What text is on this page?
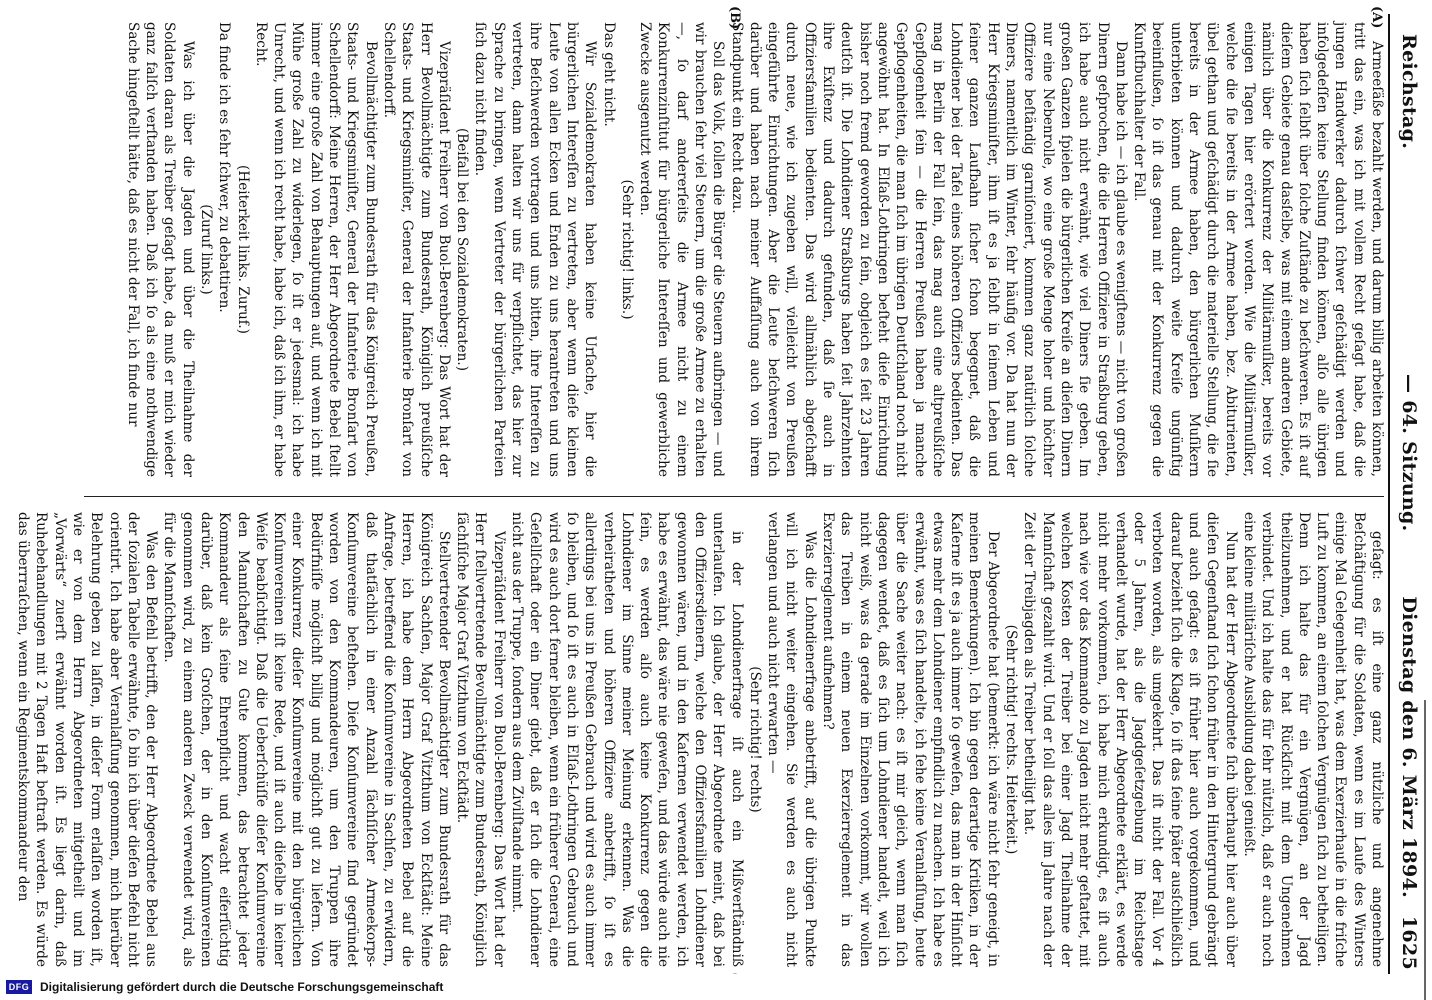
Reichstag.
— 64. Sitzung.
Dienstag den 6. März 1894.
1625
(A)
(B)

Armeeſäße bezahlt werden, und darum billig arbeiten können, tritt das ein, was ich mit vollem Recht geſagt habe, daß die jungen Handwerker dadurch ſchwer geſchädigt werden und infolgedeſſen keine Stellung finden können, alſo alle übrigen haben ſich ſelbſt über ſolche Zuſtände zu beſchweren. Es iſt auf dieſem Gebiete genau dasſelbe, was mit einem anderen Gebiete, nämlich über die Konkurrenz der Militärmuſiker, bereits vor einigen Tagen hier erörtert worden. Wie die Militärmuſiker, welche die ſie bereits in der Armee haben, bez. Abiturienten, übel gethan und geſchädigt durch die materielle Stellung, die ſie bereits in der Armee haben, den bürgerlichen Muſikern unterbieten können und dadurch weite Kreiſe ungünſtig beeinflußen, ſo iſt das genau mit der Konkurrenz gegen die Kunſtfbuchhalter der Fall.

Dann habe ich — ich glaube es wenigſtens — nicht von großen Dinern geſprochen, die die Herren Offiziere in Straßburg geben, ich habe auch nicht erwähnt, wie viel Diners ſie geben. Im großen Ganzen ſpielen die bürgerlichen Kreiſe an dieſen Dinern nur eine Nebenrolle, wo eine große Menge hoher und höchſter Offiziere beſtändig garniſoniert, kommen ganz natürlich ſolche Diners, namentlich im Winter, ſehr häufig vor. Da hat nun der Herr Kriegsminiſter, ihm iſt es ja ſelbſt in ſeinem Leben und ſeiner ganzen Laufbahn ſicher ſchon begegnet, daß die Lohndiener bei der Tafel eines höheren Offiziers bedienten. Das mag in Berlin der Fall ſein, das mag auch eine altpreußiſche Gepflogenheit ſein — die Herren Preußen haben ja manche Gepflogenheiten, die man ſich im übrigen Deutſchland noch nicht angewöhnt hat. In Elſaß-Lothringen beſteht dieſe Einrichtung bisher noch fremd geworden zu ſein, obgleich es ſeit 23 Jahren deutſch iſt. Die Lohndiener Straßburgs haben ſeit Jahrzehnten ihre Exiſtenz und dadurch gefunden, daß ſie auch in Offiziersfamilien bedienten. Das wird allmählich abgeſchafft durch neue, wie ich zugeben will, vielleicht von Preußen eingeführte Einrichtungen. Aber die Leute beſchweren ſich darüber und haben nach meiner Auffaſſung auch von ihrem Standpunkt ein Recht dazu.

Soll das Volk, ſollen die Bürger die Steuern aufbringen — und wir brauchen ſehr viel Steuern, um die große Armee zu erhalten —, ſo darf andererſeits die Armee nicht zu einem Konkurrenzinſtitut für bürgerliche Intereſſen und gewerbliche Zwecke ausgenutzt werden.

(Sehr richtig! links.)

Das geht nicht.

Wir Sozialdemokraten haben keine Urſache, hier die bürgerlichen Intereſſen zu vertreten, aber wenn dieſe kleinen Leute von allen Ecken und Enden zu uns herantreten und uns ihre Beſchwerden vortragen und uns bitten, ihre Intereſſen zu vertreten, dann halten wir uns für verpflichtet, das hier zur Sprache zu bringen, wenn Vertreter der bürgerlichen Parteien ſich dazu nicht finden.

(Beifall bei den Sozialdemokraten.)

Vizepräſident Freiherr von Buol-Berenberg: Das Wort hat der Herr Bevollmächtigte zum Bundesrath, Königlich preußiſche Staats- und Kriegsminiſter, General der Infanterie Bronſart von Schellendorff.

Bevollmächtigter zum Bundesrath für das Königreich Preußen, Staats- und Kriegsminiſter, General der Infanterie Bronſart von Schellendorff: Meine Herren, der Herr Abgeordnete Bebel ſtellt immer eine große Zahl von Behauptungen auf, und wenn ich mit Mühe große Zahl zu widerlegen, ſo iſt er jedesmal: ich habe Unrecht, und wenn ich recht habe, habe ich, daß ich ihm, er habe Recht.

(Heiterkeit links. Zuruf.)

Da finde ich es ſehr ſchwer, zu debattiren.

(Zuruf links.)

Was ich über die Jagden und über die Theilnahme der Soldaten daran als Treiber geſagt habe, da muß er mich wieder ganz falſch verſtanden haben. Daß ich ſo als eine nothwendige Sache hingeſtellt hätte, daß es nicht der Fall, ich finde nur

geſagt: es iſt eine ganz nützliche und angenehme Beſchäftigung für die Soldaten, wenn es im Laufe des Winters einige Mal Gelegenheit hat, was dem Exerzierhauſe in die friſche Luft zu kommen, an einem ſolchen Vergnügen ſich zu betheiligen. Denn ich halte das für ein Vergnügen, an der Jagd theilzunehmen, und er hat Rückſicht mit dem Ungenehmen verbindet. Und ich halte das für ſehr nützlich, daß er auch noch eine kleine militäriſche Ausbildung dabei genießt.

Nun hat der Herr Abgeordnete ſich überhaupt hier auch über dieſen Gegenſtand ſich ſchon früher in den Hintergrund gebrängt und auch geſagt: es iſt früher hier auch vorgekommen, und darauf bezieht ſich die Klage, ſo iſt das ſeine ſpäter ausſchließlich verboten worden, als umgekehrt. Das iſt nicht der Fall. Vor 4 oder 5 Jahren, als die Jagdgeſetzgebung im Reichstage verhandelt wurde, hat der Herr Abgeordnete erklärt, es werde nicht mehr vorkommen, ich habe mich erkundigt, es iſt auch nach wie vor das Kommando zu Jagden nicht mehr geſtattet, mit welchen Kosten der Treiber bei einer Jagd Theilnahme der Mannſchaft gezahlt wird. Und er ſoll das alles im Jahre nach der Zeit der Treibjagden als Treiber betheiligt hat.

(Sehr richtig! rechts. Heiterkeit.)

Der Abgeordnete hat (bemerkt: ich wäre nicht ſehr geneigt, in meinen Bemerkungen). Ich bin gegen derartige Kritiken, in der Kaſerne iſt es ja auch immer ſo geweſen, das man in der Hinſicht etwas mehr dem Lohndiener empfindlich zu machen. Ich habe es erwähnt, was es ſich handelte, ich ſehe keine Veranlaſſung, heute über die Sache weiter nach: es iſt mir gleich, wenn man ſich dagegen wendet, daß es ſich um Lohndiener handelt, weil ich nicht weiß, was da gerade im Einzelnen vorkommt, wir wollen das Treiben in einem neuen Exerzierreglement in das Exerzierreglement aufnehmen?

Was die Lohndienerfrage anbetrifft, auf die übrigen Punkte will ich nicht weiter eingehen. Sie werden es auch nicht verlangen und auch nicht erwarten —

(Sehr richtig! rechts)

in der Lohndienerfrage iſt auch ein Mißverſtändniß unterlaufen. Ich glaube, der Herr Abgeordnete meint, daß bei den Offiziersdienern, welche den Offiziersfamilien Lohndiener gewonnen wären, und in den Kaſernen verwendet werden, ich habe es erwähnt, das wäre nie geweſen, und das würde auch nie ſein, es werden alſo auch keine Konkurrenz gegen die Lohndiener im Sinne meiner Meinung erkennen. Was die verheiratheten und höheren Offiziere anbetrifft, ſo iſt es allerdings bei uns in Preußen Gebrauch und wird es auch immer ſo bleiben, und ſo iſt es auch in Elſaß-Lothringen Gebrauch und wird es auch dort ferner bleiben, wenn ein früherer General, eine Geſellſchaft oder ein Diner giebt, daß er ſich die Lohndiener nicht aus der Truppe, ſondern aus dem Zivilſtande nimmt.

Vizepräſident Freiherr von Buol-Berenberg: Das Wort hat der Herr ſtellvertretende Bevollmächtigte zum Bundesrath, Königlich ſächſiſche Major Graf Vitzthum von Eckſtädt.

Stellvertretender Bevollmächtigter zum Bundesrath für das Königreich Sachſen, Major Graf Vitzthum von Eckſtädt: Meine Herren, ich habe dem Herrn Abgeordneten Bebel auf die Anfrage, betreffend die Konſumvereine in Sachſen, zu erwidern, daß thatſächlich in einer Anzahl ſächſiſcher Armeekorps-Konſumvereine beſtehen. Dieſe Konſumvereine ſind gegründet worden von den Kommandeuren, um den Truppen ihre Bedürfniſſe möglichſt billig und möglichſt gut zu liefern. Von einer Konkurrenz dieſer Konſumvereine mit den bürgerlichen Konſumvereinen iſt keine Rede, und iſt auch dieſelbe in keiner Weiſe beabſichtigt. Daß die Ueberſchüſſe dieſer Konſumvereine den Mannſchaften zu Gute kommen, das betrachtet jeder Kommandeur als ſeine Ehrenpflicht und wacht eiferſüchtig darüber, daß kein Groſchen, der in den Konſumvereinen genommen wird, zu einem anderen Zweck verwendet wird, als für die Mannſchaften.

Was den Befehl betrifft, den der Herr Abgeordnete Bebel aus der ſozialen Tabelle erwähnte, ſo bin ich über dieſen Befehl nicht orientirt. Ich habe aber Veranlaſſung genommen, mich hierüber Belehrung geben zu laſſen, in dieſer Form erlaſſen worden iſt, wie er von dem Herrn Abgeordneten mitgetheilt und im „Vorwärts“ zuerſt erwähnt worden iſt. Es liegt darin, daß Ruhebehandlungen mit 2 Tagen Haft beſtraft werden. Es würde das überrraſchen, wenn ein Regimentskommandeur den

DFG Digitalisierung gefördert durch die Deutsche Forschungsgemeinschaft
